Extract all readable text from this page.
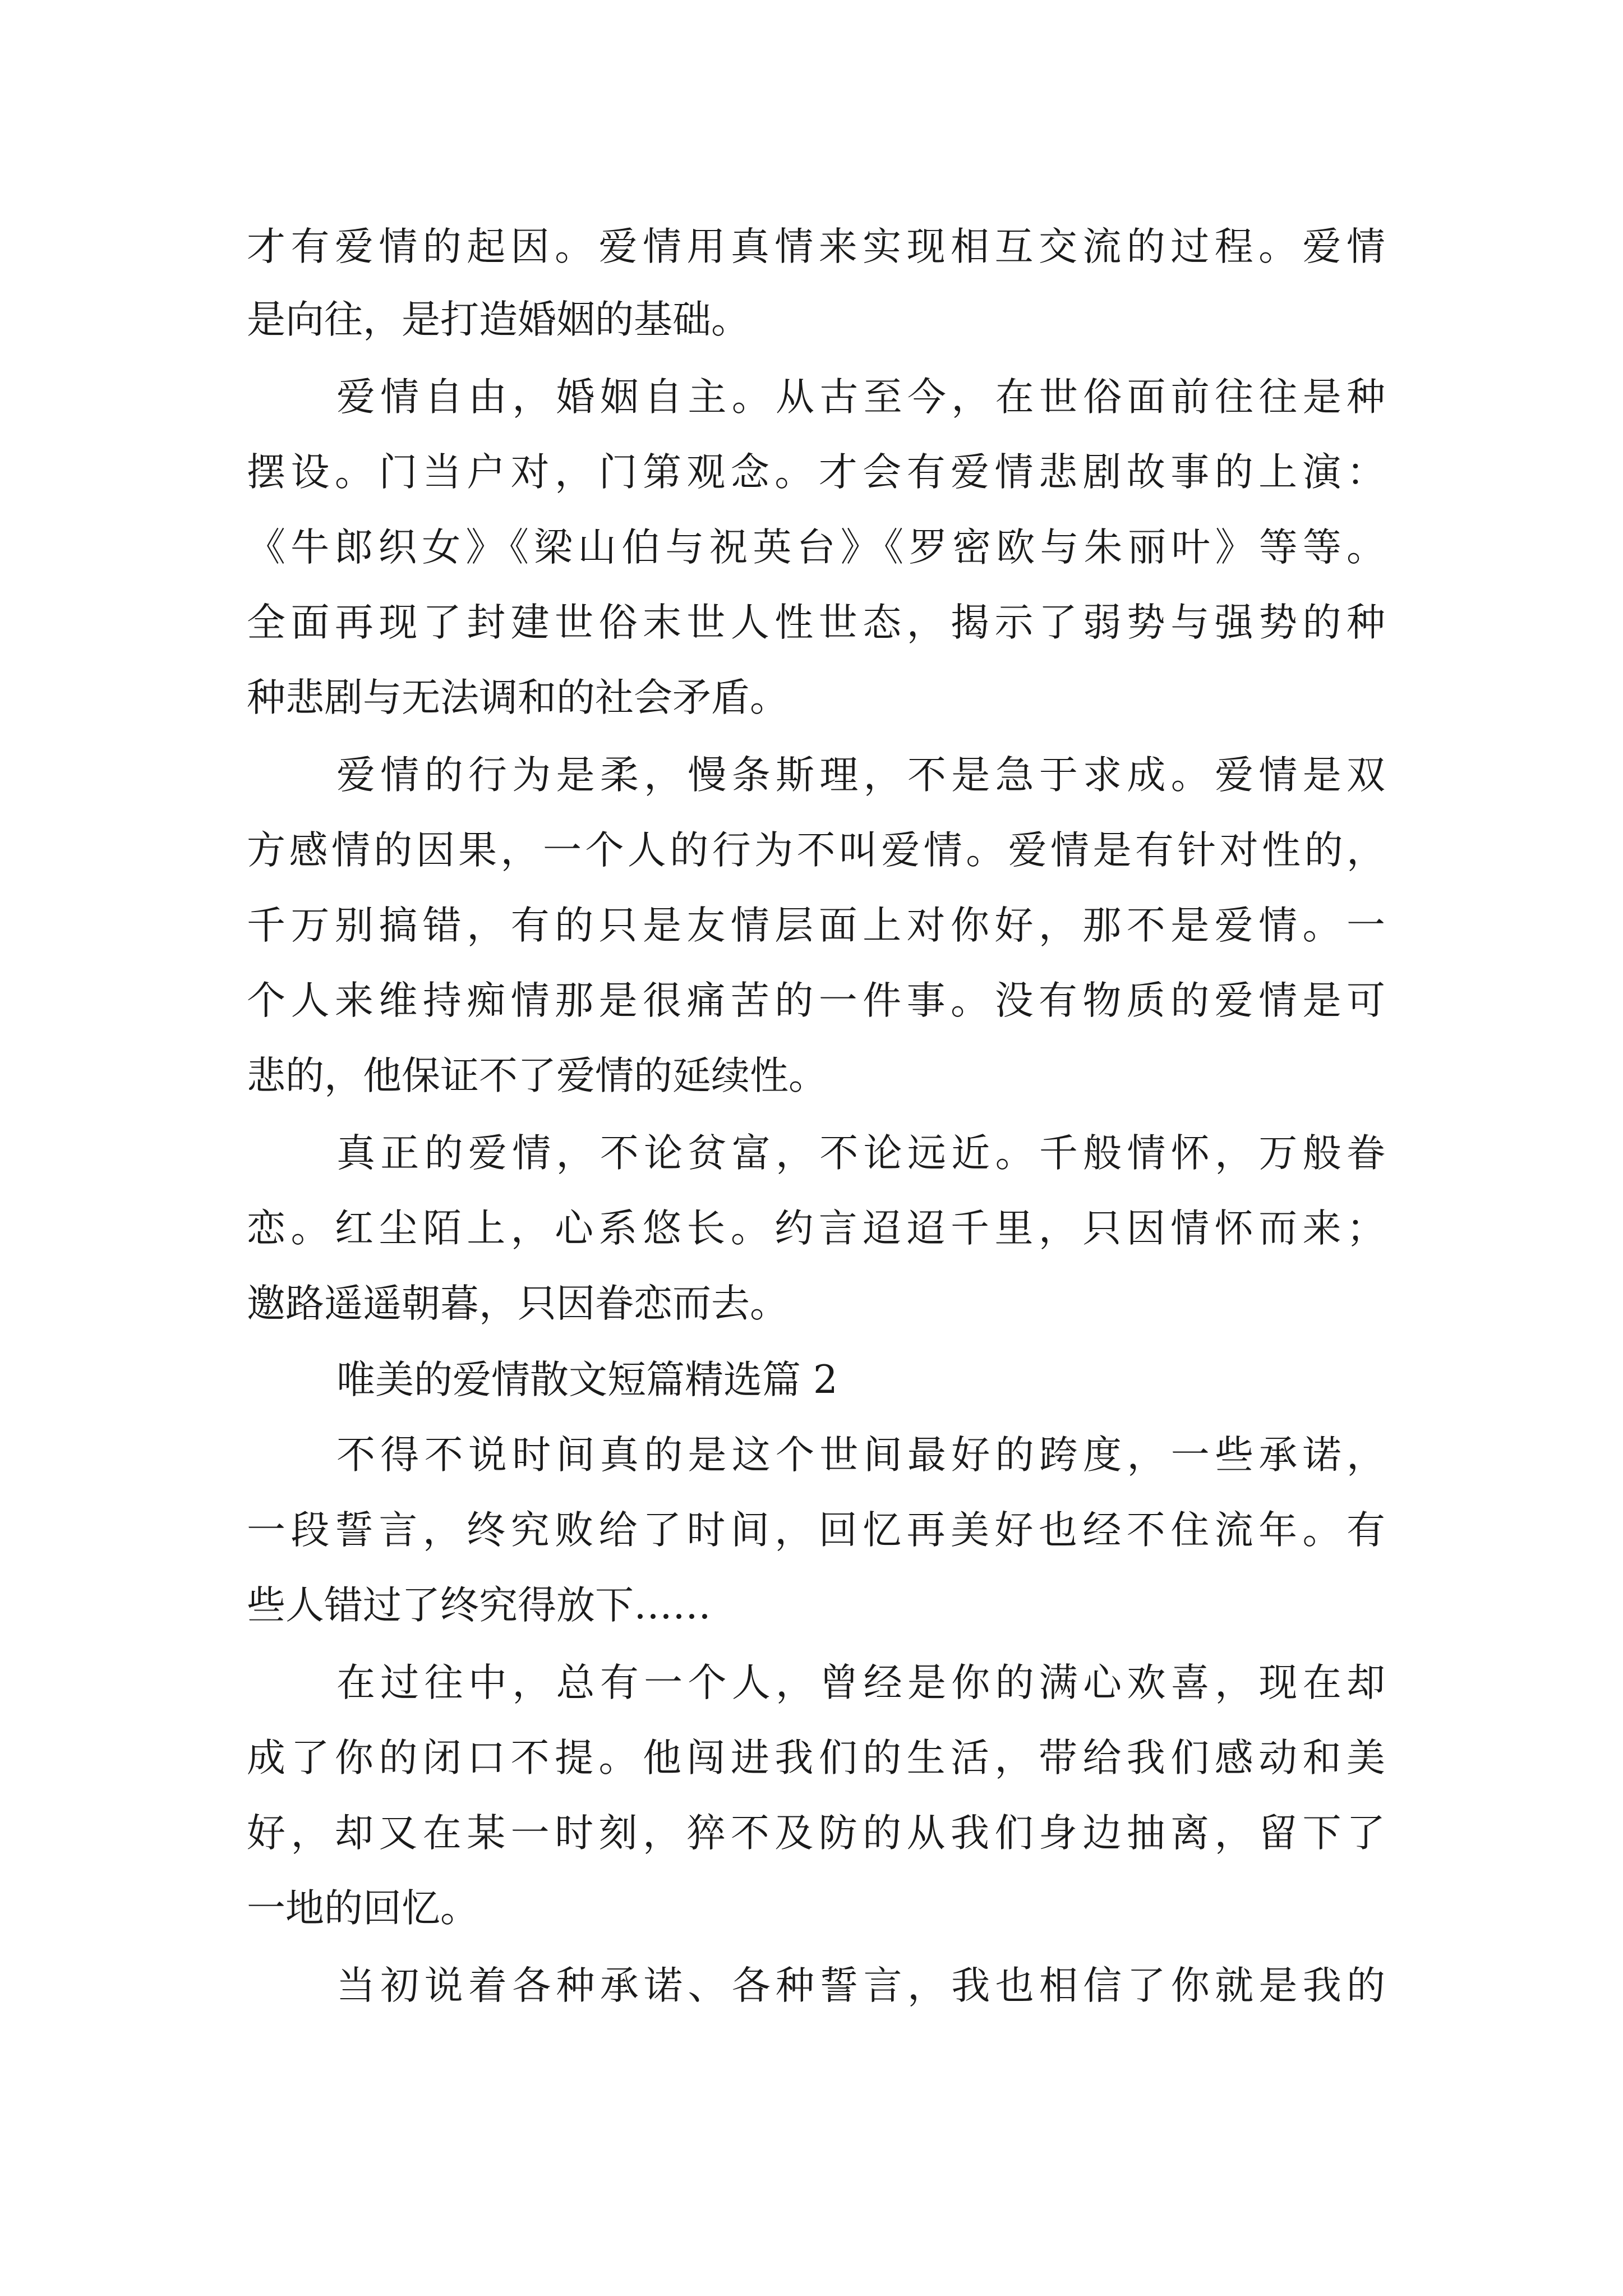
才有爱情的起因。爱情用真情来实现相互交流的过程。爱情

是向往，是打造婚姻的基础。

爱情自由，婚姻自主。从古至今，在世俗面前往往是种

摆设。门当户对，门第观念。才会有爱情悲剧故事的上演：

《牛郎织女》《梁山伯与祝英台》《罗密欧与朱丽叶》等等。

全面再现了封建世俗末世人性世态，揭示了弱势与强势的种

种悲剧与无法调和的社会矛盾。

爱情的行为是柔，慢条斯理，不是急于求成。爱情是双

方感情的因果，一个人的行为不叫爱情。爱情是有针对性的，

千万别搞错，有的只是友情层面上对你好，那不是爱情。一

个人来维持痴情那是很痛苦的一件事。没有物质的爱情是可

悲的，他保证不了爱情的延续性。

真正的爱情，不论贫富，不论远近。千般情怀，万般眷

恋。红尘陌上，心系悠长。约言迢迢千里，只因情怀而来；

邀路遥遥朝暮，只因眷恋而去。

唯美的爱情散文短篇精选篇 2

不得不说时间真的是这个世间最好的跨度，一些承诺，

一段誓言，终究败给了时间，回忆再美好也经不住流年。有

些人错过了终究得放下……

在过往中，总有一个人，曾经是你的满心欢喜，现在却

成了你的闭口不提。他闯进我们的生活，带给我们感动和美

好，却又在某一时刻，猝不及防的从我们身边抽离，留下了

一地的回忆。

当初说着各种承诺、各种誓言，我也相信了你就是我的
